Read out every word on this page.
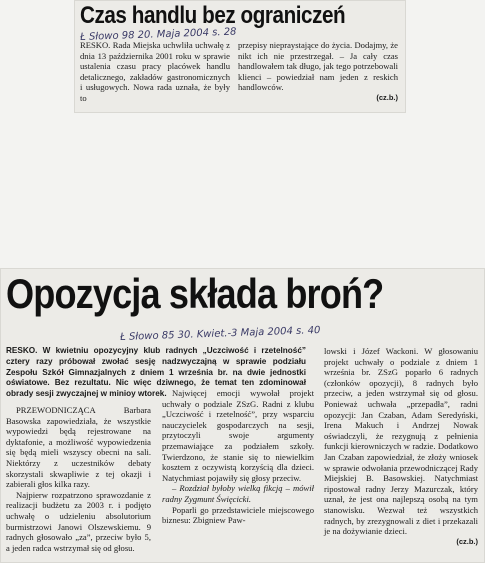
Czas handlu bez ograniczeń
Ł Słowo 98 20. Maja 2004 s. 28

RESKO. Rada Miejska uchwliła uchwałę z dnia 13 października 2001 roku w sprawie ustalenia czasu pracy placówek handlu detalicznego, zakładów gastronomicznych i usługowych. Nowa rada uznała, że były to

przepisy niepraystające do życia. Dodajmy, że nikt ich nie przestrzegał. – Ja cały czas handlowałem tak długo, jak tego potrzebowali klienci – powiedział nam jeden z reskich handlowców.

(cz.b.)
Opozycja składa broń?
Ł Słowo 85 30. Kwiet.-3 Maja 2004 s. 40
RESKO. W kwietniu opozycyjny klub radnych „Uczciwość i rzetelność” cztery razy próbował zwołać sesję nadzwyczajną w sprawie podziału Zespołu Szkół Gimnazjalnych z dniem 1 września br. na dwie jednostki oświatowe. Bez rezultatu. Nic więc dziwnego, że temat ten zdominował obrady sesji zwyczajnej w minioy wtorek.

PRZEWODNICZĄCA Barbara Basowska zapowiedziała, że wszystkie wypowiedzi będą rejestrowane na dyktafonie, a możliwość wypowiedzenia się będą mieli wszyscy obecni na sali. Niektórzy z uczestników debaty skorzystali skwapliwie z tej okazji i zabierali głos kilka razy.

Najpierw rozpatrzono sprawozdanie z realizacji budżetu za 2003 r. i podjęto uchwałę o udzieleniu absolutorium burmistrzowi Janowi Olszewskiemu. 9 radnych głosowało „za”, przeciw było 5, a jeden radca wstrzymał się od głosu.

Najwięcej emocji wywołał projekt uchwały o podziale ZSzG. Radni z klubu „Uczciwość i rzetelność”, przy wsparciu nauczycielek gospodarczych na sesji, przytoczyli swoje argumenty przemawiające za podziałem szkoły. Twierdzono, że stanie się to niewielkim kosztem z oczywistą korzyścią dla dzieci. Natychmiast pojawiły się głosy przeciw.

– Rozdział byłoby wielką fikcją – mówił radny Zygmunt Święcicki.

Poparli go przedstawiciele miejscowego biznesu: Zbigniew Paw-

lowski i Józef Wackoni. W głosowaniu projekt uchwały o podziale z dniem 1 września br. ZSzG poparło 6 radnych (członków opozycji), 8 radnych było przeciw, a jeden wstrzymał się od głosu. Ponieważ uchwała „przepadła”, radni opozycji: Jan Czaban, Adam Seredyński, Irena Makuch i Andrzej Nowak oświadczyli, że rezygnują z pełnienia funkcji kierowniczych w radzie. Dodatkowo Jan Czaban zapowiedział, że złoży wniosek w sprawie odwołania przewodniczącej Rady Miejskiej B. Basowskiej. Natychmiast ripostował radny Jerzy Mazurczak, który uznał, że jest ona najlepszą osobą na tym stanowisku. Wezwał też wszystkich radnych, by zrezygnowali z diet i przekazali je na dożywianie dzieci.

(cz.b.)
